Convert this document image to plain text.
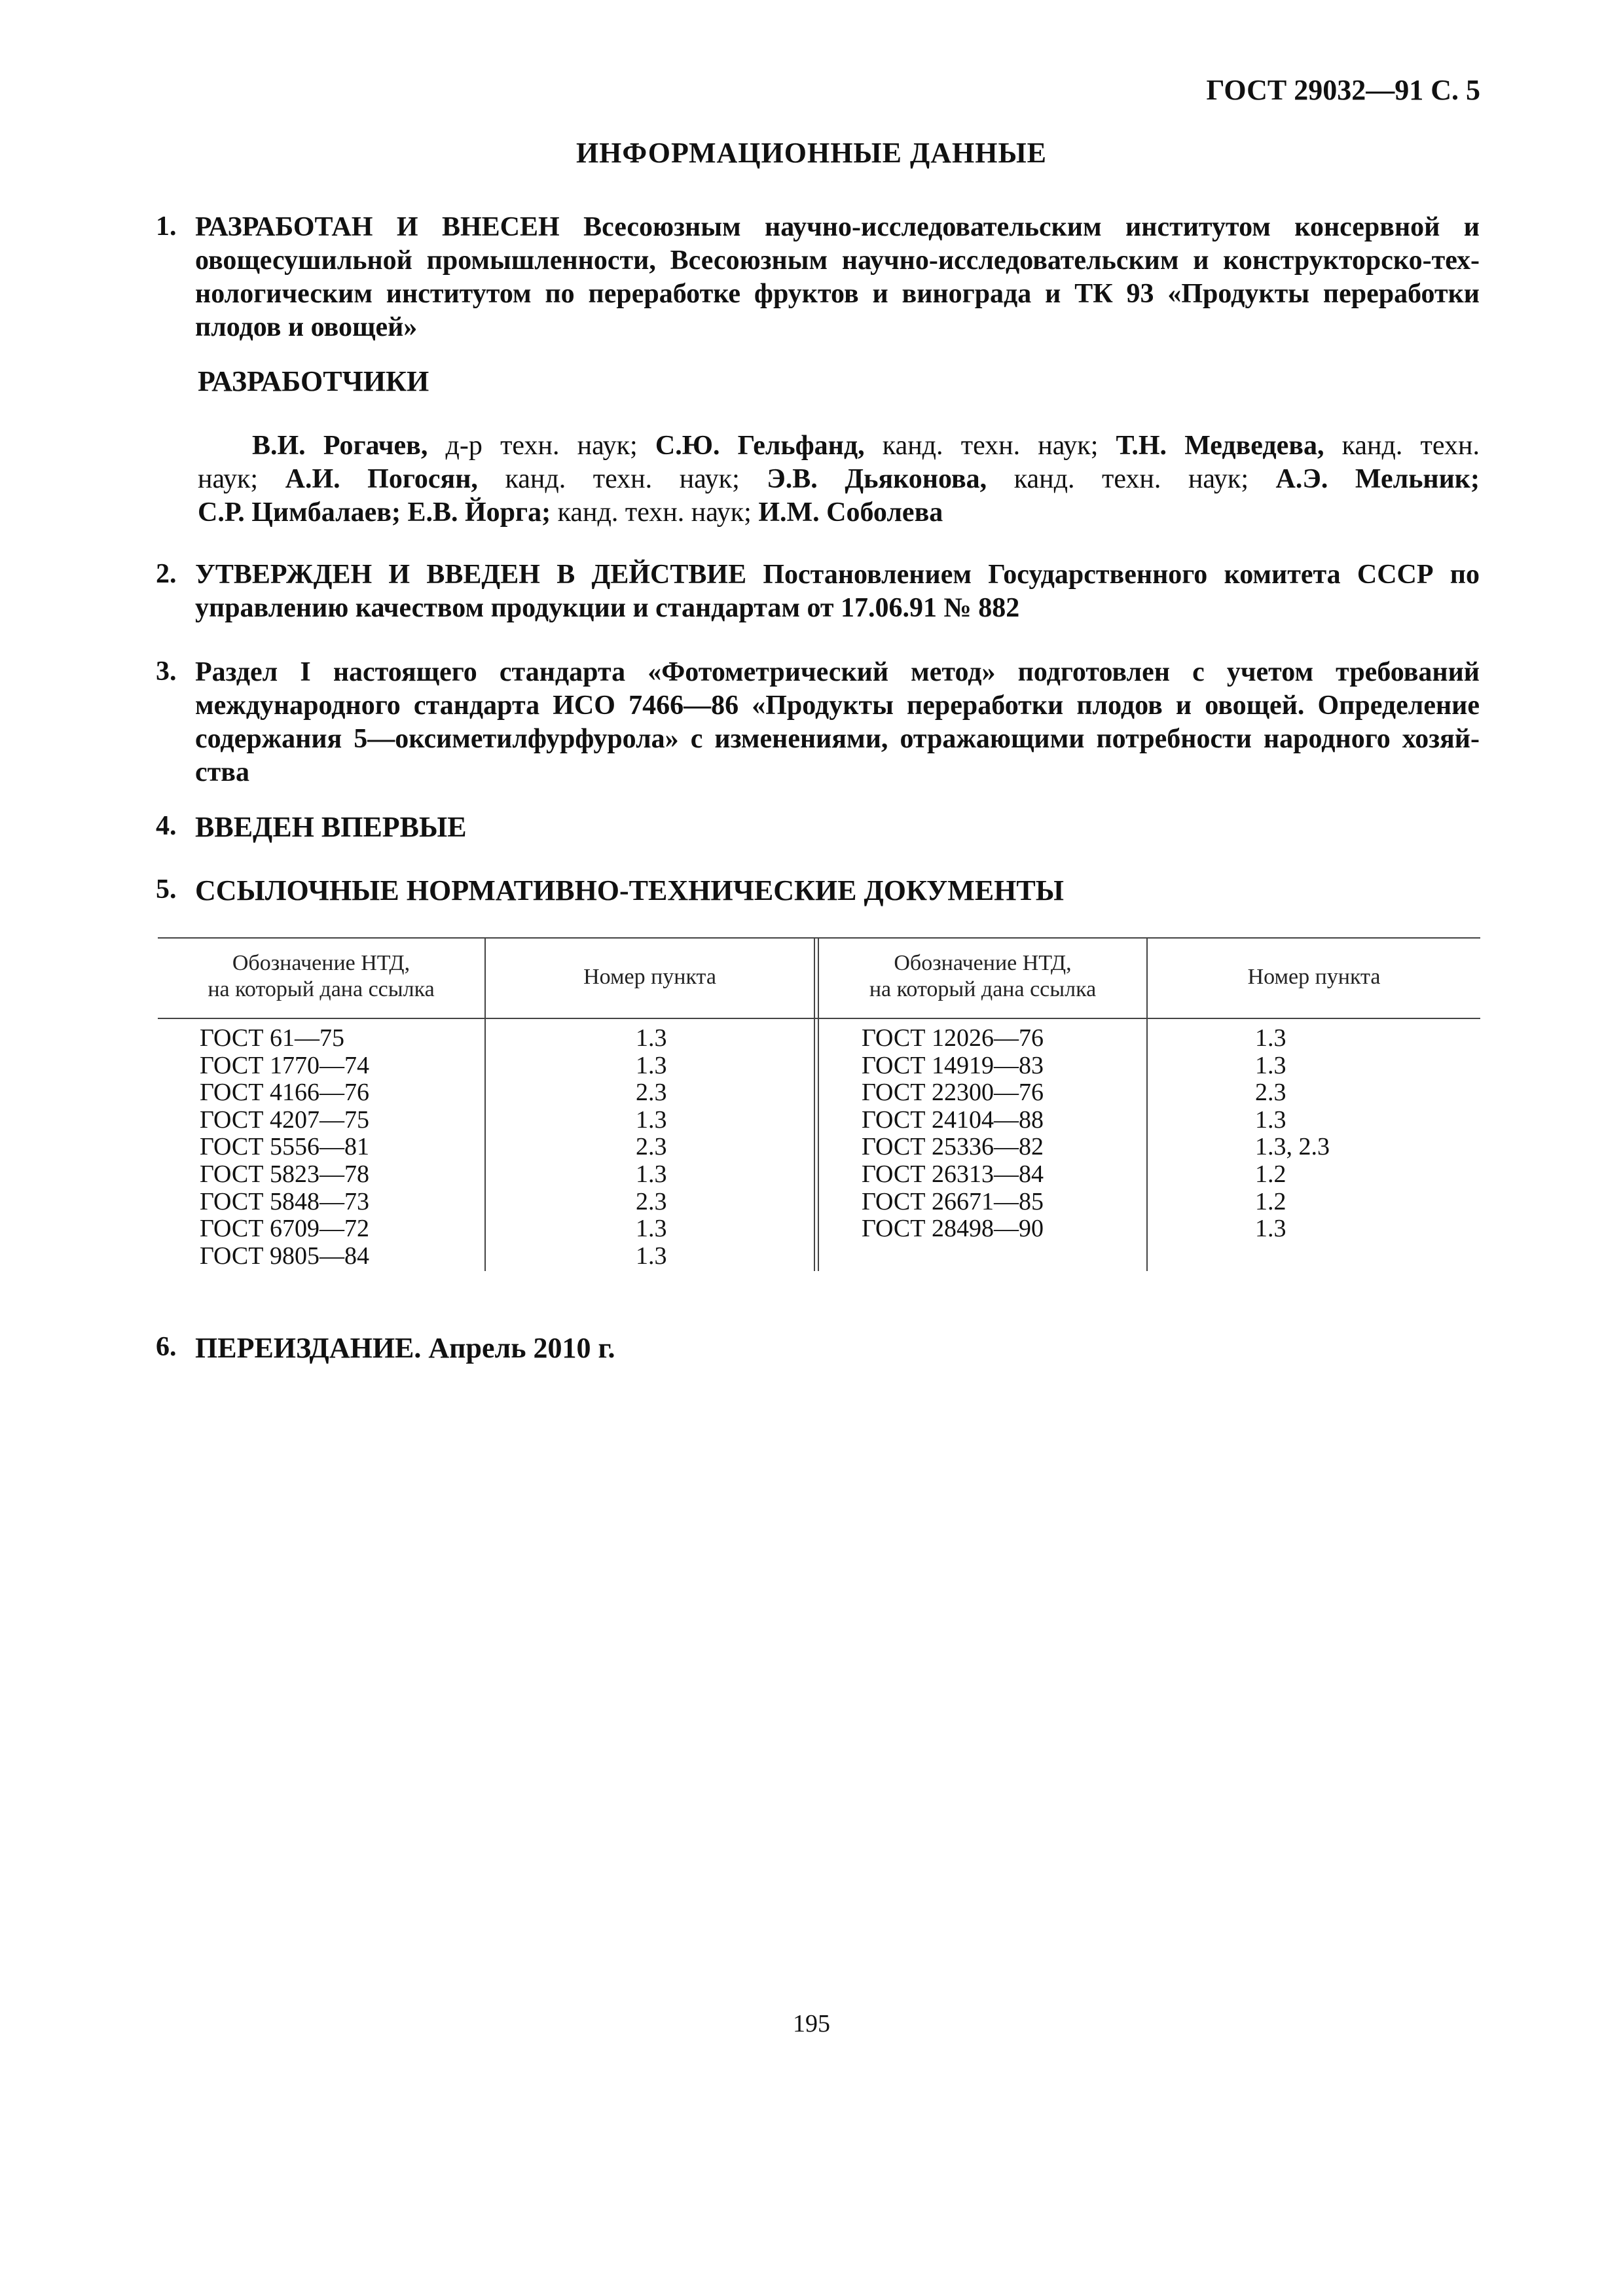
ГОСТ 29032—91 С. 5
ИНФОРМАЦИОННЫЕ ДАННЫЕ
1. РАЗРАБОТАН И ВНЕСЕН Всесоюзным научно-исследовательским институтом консервной и
овощесушильной промышленности, Всесоюзным научно-исследовательским и конструкторско-тех-
нологическим институтом по переработке фруктов и винограда и ТК 93 «Продукты переработки
плодов и овощей»
РАЗРАБОТЧИКИ
В.И. Рогачев, д-р техн. наук; С.Ю. Гельфанд, канд. техн. наук; Т.Н. Медведева, канд. техн.
наук; А.И. Погосян, канд. техн. наук; Э.В. Дьяконова, канд. техн. наук; А.Э. Мельник;
С.Р. Цимбалаев; Е.В. Йорга; канд. техн. наук; И.М. Соболева
2. УТВЕРЖДЕН И ВВЕДЕН В ДЕЙСТВИЕ Постановлением Государственного комитета СССР по
управлению качеством продукции и стандартам от 17.06.91 № 882
3. Раздел I настоящего стандарта «Фотометрический метод» подготовлен с учетом требований
международного стандарта ИСО 7466—86 «Продукты переработки плодов и овощей. Определение
содержания 5—оксиметилфурфурола» с изменениями, отражающими потребности народного хозяй-
ства
4. ВВЕДЕН ВПЕРВЫЕ
5. ССЫЛОЧНЫЕ НОРМАТИВНО-ТЕХНИЧЕСКИЕ ДОКУМЕНТЫ
Обозначение НТД,
на который дана ссылка
Номер пункта
Обозначение НТД,
на который дана ссылка
Номер пункта
ГОСТ 61—75
ГОСТ 1770—74
ГОСТ 4166—76
ГОСТ 4207—75
ГОСТ 5556—81
ГОСТ 5823—78
ГОСТ 5848—73
ГОСТ 6709—72
ГОСТ 9805—84
1.3
1.3
2.3
1.3
2.3
1.3
2.3
1.3
1.3
ГОСТ 12026—76
ГОСТ 14919—83
ГОСТ 22300—76
ГОСТ 24104—88
ГОСТ 25336—82
ГОСТ 26313—84
ГОСТ 26671—85
ГОСТ 28498—90
1.3
1.3
2.3
1.3
1.3, 2.3
1.2
1.2
1.3
6. ПЕРЕИЗДАНИЕ. Апрель 2010 г.
195
